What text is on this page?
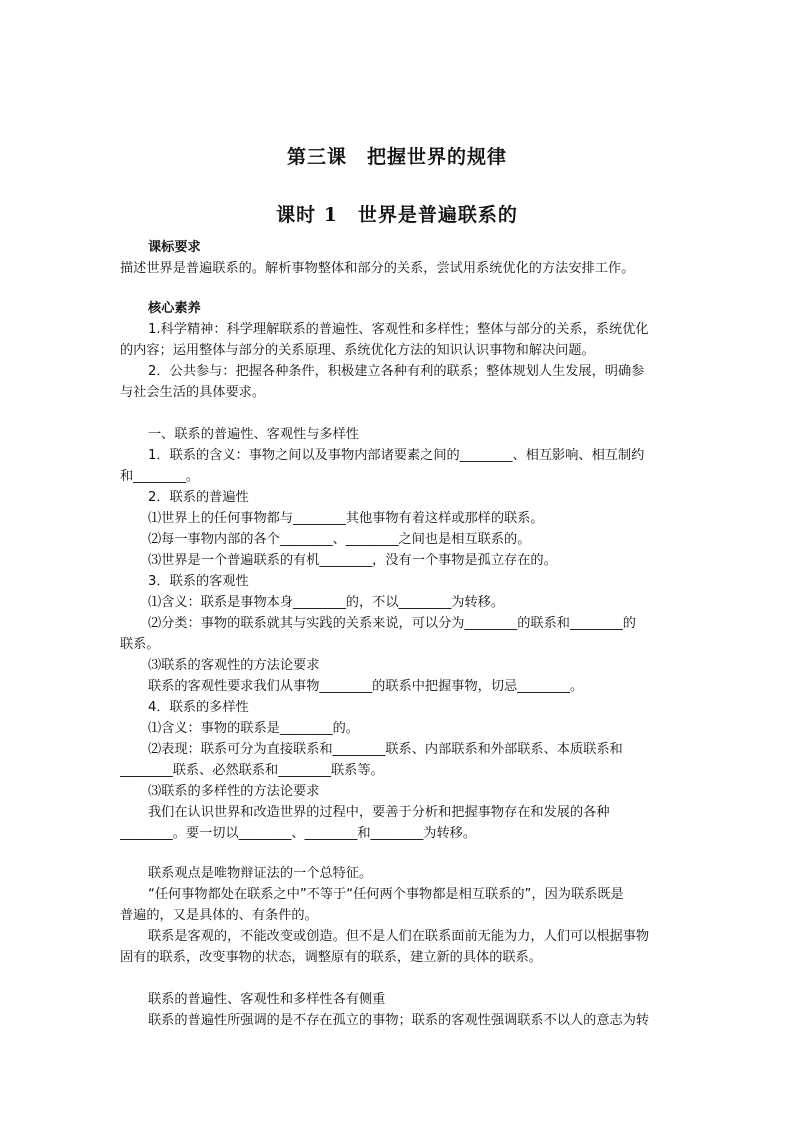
第三课　把握世界的规律
课时 1　世界是普遍联系的
课标要求
描述世界是普遍联系的。解析事物整体和部分的关系，尝试用系统优化的方法安排工作。
核心素养
1.科学精神：科学理解联系的普遍性、客观性和多样性；整体与部分的关系，系统优化
的内容；运用整体与部分的关系原理、系统优化方法的知识认识事物和解决问题。
2．公共参与：把握各种条件，积极建立各种有利的联系；整体规划人生发展，明确参
与社会生活的具体要求。
一、联系的普遍性、客观性与多样性
1．联系的含义：事物之间以及事物内部诸要素之间的________、相互影响、相互制约
和________。
2．联系的普遍性
⑴世界上的任何事物都与________其他事物有着这样或那样的联系。
⑵每一事物内部的各个________、________之间也是相互联系的。
⑶世界是一个普遍联系的有机________，没有一个事物是孤立存在的。
3．联系的客观性
⑴含义：联系是事物本身________的，不以________为转移。
⑵分类：事物的联系就其与实践的关系来说，可以分为________的联系和________的
联系。
⑶联系的客观性的方法论要求
联系的客观性要求我们从事物________的联系中把握事物，切忌________。
4．联系的多样性
⑴含义：事物的联系是________的。
⑵表现：联系可分为直接联系和________联系、内部联系和外部联系、本质联系和
________联系、必然联系和________联系等。
⑶联系的多样性的方法论要求
我们在认识世界和改造世界的过程中，要善于分析和把握事物存在和发展的各种
________。要一切以________、________和________为转移。
联系观点是唯物辩证法的一个总特征。
“任何事物都处在联系之中”不等于“任何两个事物都是相互联系的”，因为联系既是
普遍的，又是具体的、有条件的。
联系是客观的，不能改变或创造。但不是人们在联系面前无能为力，人们可以根据事物
固有的联系，改变事物的状态，调整原有的联系，建立新的具体的联系。
联系的普遍性、客观性和多样性各有侧重
联系的普遍性所强调的是不存在孤立的事物；联系的客观性强调联系不以人的意志为转
